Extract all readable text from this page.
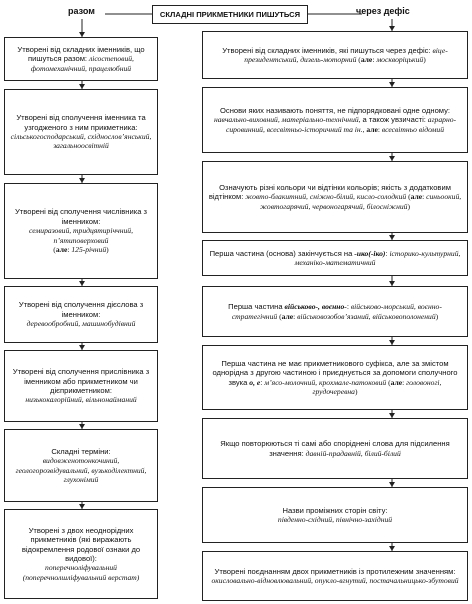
разом	через дефіс
СКЛАДНІ ПРИКМЕТНИКИ ПИШУТЬСЯ

Утворені від складних іменників, що пишуться разом: лісостеповий, фотомеханічний, працелюбний

Утворені від сполучення іменника та узгодженого з ним прикметника:
сільськогосподарський, східнослов’янський, загальноосвітній

Утворені від сполучення числівника з іменником:
семиразовий, тридцятиріччний, п’ятиповерховий
(але: 125-річний)

Утворені від сполучення дієслова з іменником:
деревообробний, машинобудівний

Утворені від сполучення прислівника з іменником або прикметником чи дієприкметником:
низькокалорійний, вільнонайманий

Складні терміни:
видовженотонкочиний, геологорозвідувальний, вузькоділектний, глухонімий

Утворені з двох неоднорідних прикметників (які виражають відокремлення родової ознаки до видової):
поперечноліфувальний (поперечнолшліфувальний верстат)

Утворені від складних іменників, які пишуться через дефіс: віце-президентський, дизель-моторний (але: москворіцький)

Основи яких називають поняття, не підпорядковані одне одному: навчально-виховний, матеріально-технічний, а також увзичасті: аграрно-сировинний, всесвітньо-історичний та ін., але: всесвітньо відомий

Означують різні кольори чи відтінки кольорів; якість з додатковим відтінком: жовто-блакитний, сніжно-білий, кисло-солодкий (але: синьоокий, жовтогарячий, червоногарячий, білосніжний)

Перша частина (основа) закінчується на -ико(-іко): історико-культурний, механіко-математичний

Перша частина військово-, воєнно-: військово-морський, воєнно-стратегічний (але: військовозобов’язаний, військовополонений)

Перша частина не має прикметникового суфікса, але за змістом однорідна з другою частиною і приєднується за допомоги сполучного звука о, е: м’ясо-молочний, крохмале-патоковий (але: головоногі, грудочеревна)

Якщо повторюються ті самі або споріднені слова для підсилення значення: давній-прадавній, білий-білий

Назви проміжних сторін світу:
південно-східний, північно-західний

Утворені поєднанням двох прикметників із протилежним значенням:
окисловально-відновлювальний, опукло-вгнутий, постачальницько-збутовий
